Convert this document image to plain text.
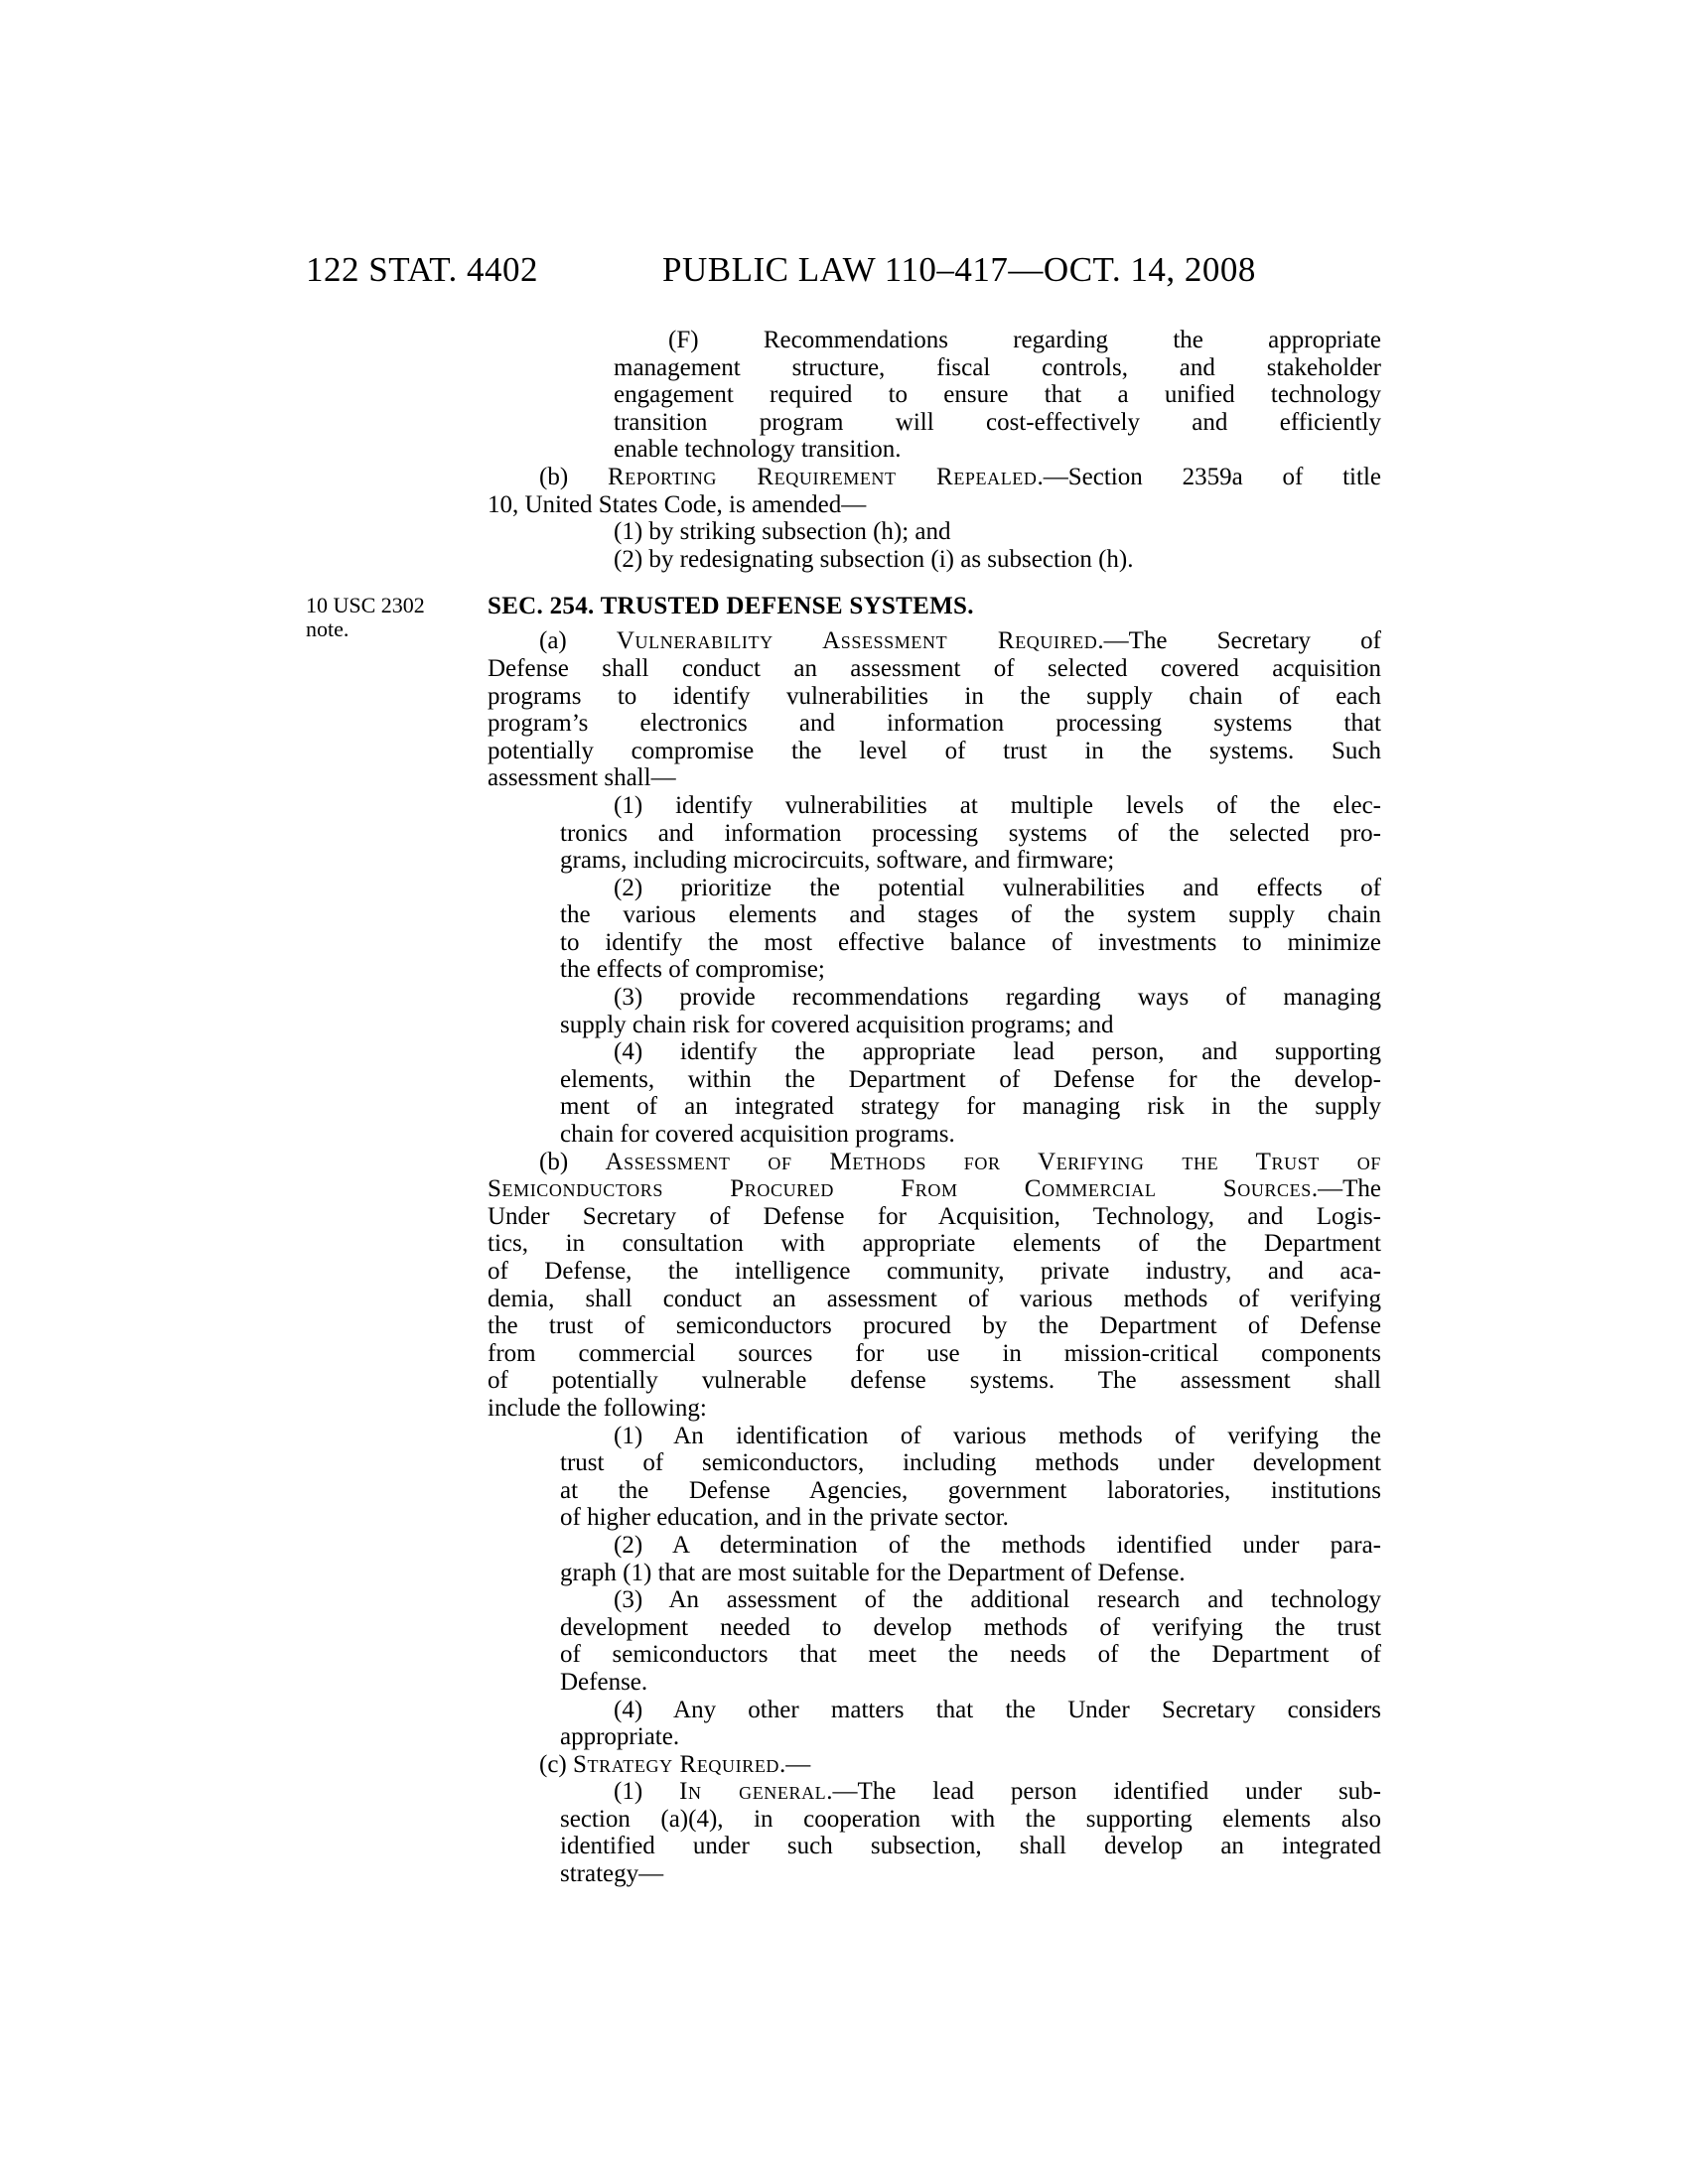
122 STAT. 4402	PUBLIC LAW 110–417—OCT. 14, 2008
10 USC 2302
note.
(F) Recommendations regarding the appropriate
management structure, fiscal controls, and stakeholder
engagement required to ensure that a unified technology
transition program will cost-effectively and efficiently
enable technology transition.
(b) Reporting Requirement Repealed.—Section 2359a of title
10, United States Code, is amended—
(1) by striking subsection (h); and
(2) by redesignating subsection (i) as subsection (h).
SEC. 254. TRUSTED DEFENSE SYSTEMS.
(a) Vulnerability Assessment Required.—The Secretary of
Defense shall conduct an assessment of selected covered acquisition
programs to identify vulnerabilities in the supply chain of each
program’s electronics and information processing systems that
potentially compromise the level of trust in the systems. Such
assessment shall—
(1) identify vulnerabilities at multiple levels of the elec-
tronics and information processing systems of the selected pro-
grams, including microcircuits, software, and firmware;
(2) prioritize the potential vulnerabilities and effects of
the various elements and stages of the system supply chain
to identify the most effective balance of investments to minimize
the effects of compromise;
(3) provide recommendations regarding ways of managing
supply chain risk for covered acquisition programs; and
(4) identify the appropriate lead person, and supporting
elements, within the Department of Defense for the develop-
ment of an integrated strategy for managing risk in the supply
chain for covered acquisition programs.
(b) Assessment of Methods for Verifying the Trust of
Semiconductors Procured From Commercial Sources.—The
Under Secretary of Defense for Acquisition, Technology, and Logis-
tics, in consultation with appropriate elements of the Department
of Defense, the intelligence community, private industry, and aca-
demia, shall conduct an assessment of various methods of verifying
the trust of semiconductors procured by the Department of Defense
from commercial sources for use in mission-critical components
of potentially vulnerable defense systems. The assessment shall
include the following:
(1) An identification of various methods of verifying the
trust of semiconductors, including methods under development
at the Defense Agencies, government laboratories, institutions
of higher education, and in the private sector.
(2) A determination of the methods identified under para-
graph (1) that are most suitable for the Department of Defense.
(3) An assessment of the additional research and technology
development needed to develop methods of verifying the trust
of semiconductors that meet the needs of the Department of
Defense.
(4) Any other matters that the Under Secretary considers
appropriate.
(c) Strategy Required.—
(1) In general.—The lead person identified under sub-
section (a)(4), in cooperation with the supporting elements also
identified under such subsection, shall develop an integrated
strategy—
